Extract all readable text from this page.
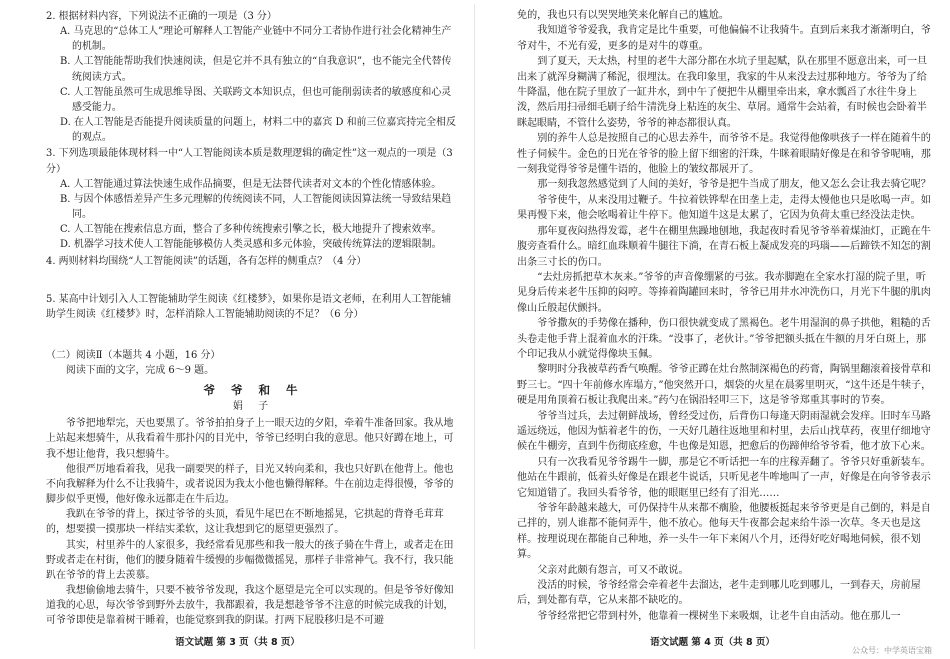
2. 根据材料内容，下列说法不正确的一项是（3 分）

A. 马克思的“总体工人”理论可解释人工智能产业链中不同分工者协作进行社会化精神生产的机制。

B. 人工智能能帮助我们快速阅读，但是它并不具有独立的“自我意识”，也不能完全代替传统阅读方式。

C. 人工智能虽然可生成思维导图、关联跨文本知识点，但也可能削弱读者的敏感度和心灵感受能力。

D. 在人工智能是否能提升阅读质量的问题上，材料二中的嘉宾 D 和前三位嘉宾持完全相反的观点。

3. 下列选项最能体现材料一中“人工智能阅读本质是数理逻辑的确定性”这一观点的一项是（3 分）

A. 人工智能通过算法快速生成作品摘要，但是无法替代读者对文本的个性化情感体验。

B. 与因个体感悟差异产生多元理解的传统阅读不同，人工智能阅读因算法统一导致结果趋同。

C. 人工智能在搜索信息方面，整合了多种传统搜索引擎之长，极大地提升了搜索效率。

D. 机器学习技术使人工智能能够模仿人类灵感和多元体验，突破传统算法的逻辑限制。

4. 两则材料均围绕“人工智能阅读”的话题，各有怎样的侧重点？（4 分）

5. 某高中计划引入人工智能辅助学生阅读《红楼梦》，如果你是语文老师，在利用人工智能辅助学生阅读《红楼梦》时，怎样消除人工智能辅助阅读的不足？（6 分）

（二）阅读Ⅱ（本题共 4 小题，16 分）

阅读下面的文字，完成 6～9 题。

爷 爷 和 牛

娟 子

爷爷把地犁完，天也要黑了。爷爷拍拍身子上一眼天边的夕阳，牵着牛准备回家。我从地上站起来想骑牛，从我看着牛那扑闪的目光中，爷爷已经明白我的意思。他只好蹲在地上，可我不想让他背，我只想骑牛。

他很严厉地看着我，见我一副要哭的样子，目光又转向柔和，我也只好趴在他背上。他也不向我解释为什么不让我骑牛，或者说因为我太小他也懒得解释。牛在前边走得很慢，爷爷的脚步似乎更慢，他好像永远都走在牛后边。

我趴在爷爷的背上，探过爷爷的头顶，看见牛尾巴在不断地摇晃，它拱起的背脊毛茸茸的，想要摸一摸那块一样结实柔软，这让我想到它的愿望更强烈了。

其实，村里养牛的人家很多，我经常看见那些和我一般大的孩子骑在牛背上，或者走在田野或者走在村街，他们的腰身随着牛缓慢的步幅微微摇晃，那样子非常神气。我不行，我只能趴在爷爷的背上去羡慕。

我想偷偷地去骑牛，只要不被爷爷发现，我这个愿望是完全可以实现的。但是爷爷好像知道我的心思，每次爷爷到野外去放牛，我都跟着，我是想趁爷爷不注意的时候完成我的计划，可爷爷即使是靠着树干睡着，也能觉察到我的阴谋。打两下屁股移归是不可避

语文试题 第 3 页（共 8 页）

免的，我也只有以哭哭地笑来化解自己的尴尬。

我知道爷爷爱我，我肯定是比牛重要，可他偏偏不让我骑牛。直到后来我才渐渐明白，爷爷对牛，不光有爱，更多的是对牛的尊重。

到了夏天，天太热，村里的老牛大部分都在水坑子里起赋，队在那里不愿意出来，可一旦出来了就浑身糊满了稀泥，很埋汰。在我印象里，我家的牛从来没去过那种地方。爷爷为了给牛降温，他在院子里放了一缸井水，到中午了便把牛从棚里牵出来，拿水瓢舀了水往牛身上泼，然后用扫帚细毛刷子给牛清洗身上粘连的灰尘、草屑。通常牛会站着，有时候也会卧着半眯起眼睛，不管什么姿势，爷爷的神态都很认真。

别的养牛人总是按照自己的心思去养牛，而爷爷不是。我觉得他像哄孩子一样在随着牛的性子伺候牛。金色的日光在爷爷的脸上留下细密的汗珠，牛眯着眼睛好像是在和爷爷呢喃，那一刻我觉得爷爷是懂牛语的，他脸上的皱纹都展开了。

那一刻我忽然感觉到了人间的美好，爷爷是把牛当成了朋友，他又怎么会让我去骑它呢？

爷爷使牛，从来没用过鞭子。牛拉着铁铧犁在田垄上走，走得太慢他也只是吆喝一声。如果再慢下来，他会吆喝着让牛停下。他知道牛这是太累了，它因为负荷太重已经没法走快。

那年夏夜闷热得发霉，老牛在棚里焦躁地刨地，我起夜时看见爷爷举着煤油灯，正跪在牛腹旁查看什么。暗红血珠顺着牛腿往下淌，在青石板上凝成发亮的玛瑙——后蹄铁不知怎的割出条三寸长的伤口。

“去灶房抓把草木灰来。”爷爷的声音像绷紧的弓弦。我赤脚跑在全家水打湿的院子里，听见身后传来老牛压抑的闷哼。等捧着陶罐回来时，爷爷已用井水冲洗伤口，月光下牛腿的肌肉像山丘般起伏颤抖。

爷爷撒灰的手势像在播种，伤口很快就变成了黑褐色。老牛用湿润的鼻子拱他，粗糙的舌头卷走他手背上混着血水的汗珠。“没事了，老伙计。”爷爷把额头抵在牛额的月牙白斑上，那个印记我从小就觉得像块玉佩。

黎明时分我被草药香气唤醒。爷爷正蹲在灶台熬制深褐色的药膏，陶锅里翻滚着接骨草和野三七。“四十年前修水库塌方，”他突然开口，烟袋的火星在晨雾里明灭，“这牛还是牛犊子，硬是用角顶着石板让我爬出来。”药勺在锅沿轻叩三下，这是爷爷郑重其事时的节奏。

爷爷当过兵，去过朝鲜战场，曾经受过伤，后背伤口每逢天阴雨湿就会发痒。旧时车马路遥远绕远，他因为惦着老牛的伤，一天好几趟往返地里和村里，去后山找草药，夜里仔细地守候在牛棚旁，直到牛伤彻底痊愈，牛也像是知恩，把愈后的伤蹄伸给爷爷看，他才放下心来。

只有一次我看见爷爷踢牛一脚，那是它不听话把一车的庄稼弄翻了。爷爷只好重新装车。他站在牛跟前，低着头好像是在跟老牛说话，只听见老牛哞地叫了一声，好像是在向爷爷表示它知道错了。我回头看爷爷，他的眼眶里已经有了泪光……

爷爷年龄越来越大，可仍保持牛从来都不瘸脸，他腰板挺起来爷爷更是自己倒的，料是自己拌的，别人谁都不能伺弄牛，他不放心。他每天牛夜都会起来给牛添一次草。冬天也是这样。按理说现在都能自己种地，养一头牛一年下来闲八个月，还得好吃好喝地伺候，很不划算。

父亲对此颇有怨言，可又不敢说。

没活的时候，爷爷经常会牵着老牛去溜达，老牛走到哪儿吃到哪儿，一到春天，房前屋后，到处都有草，它从来都不缺吃的。

爷爷经常把它带到村外，他靠着一棵树坐下来吸烟，让老牛自由活动。他在那儿一

语文试题 第 4 页（共 8 页）
公众号：中学英语宝箱
